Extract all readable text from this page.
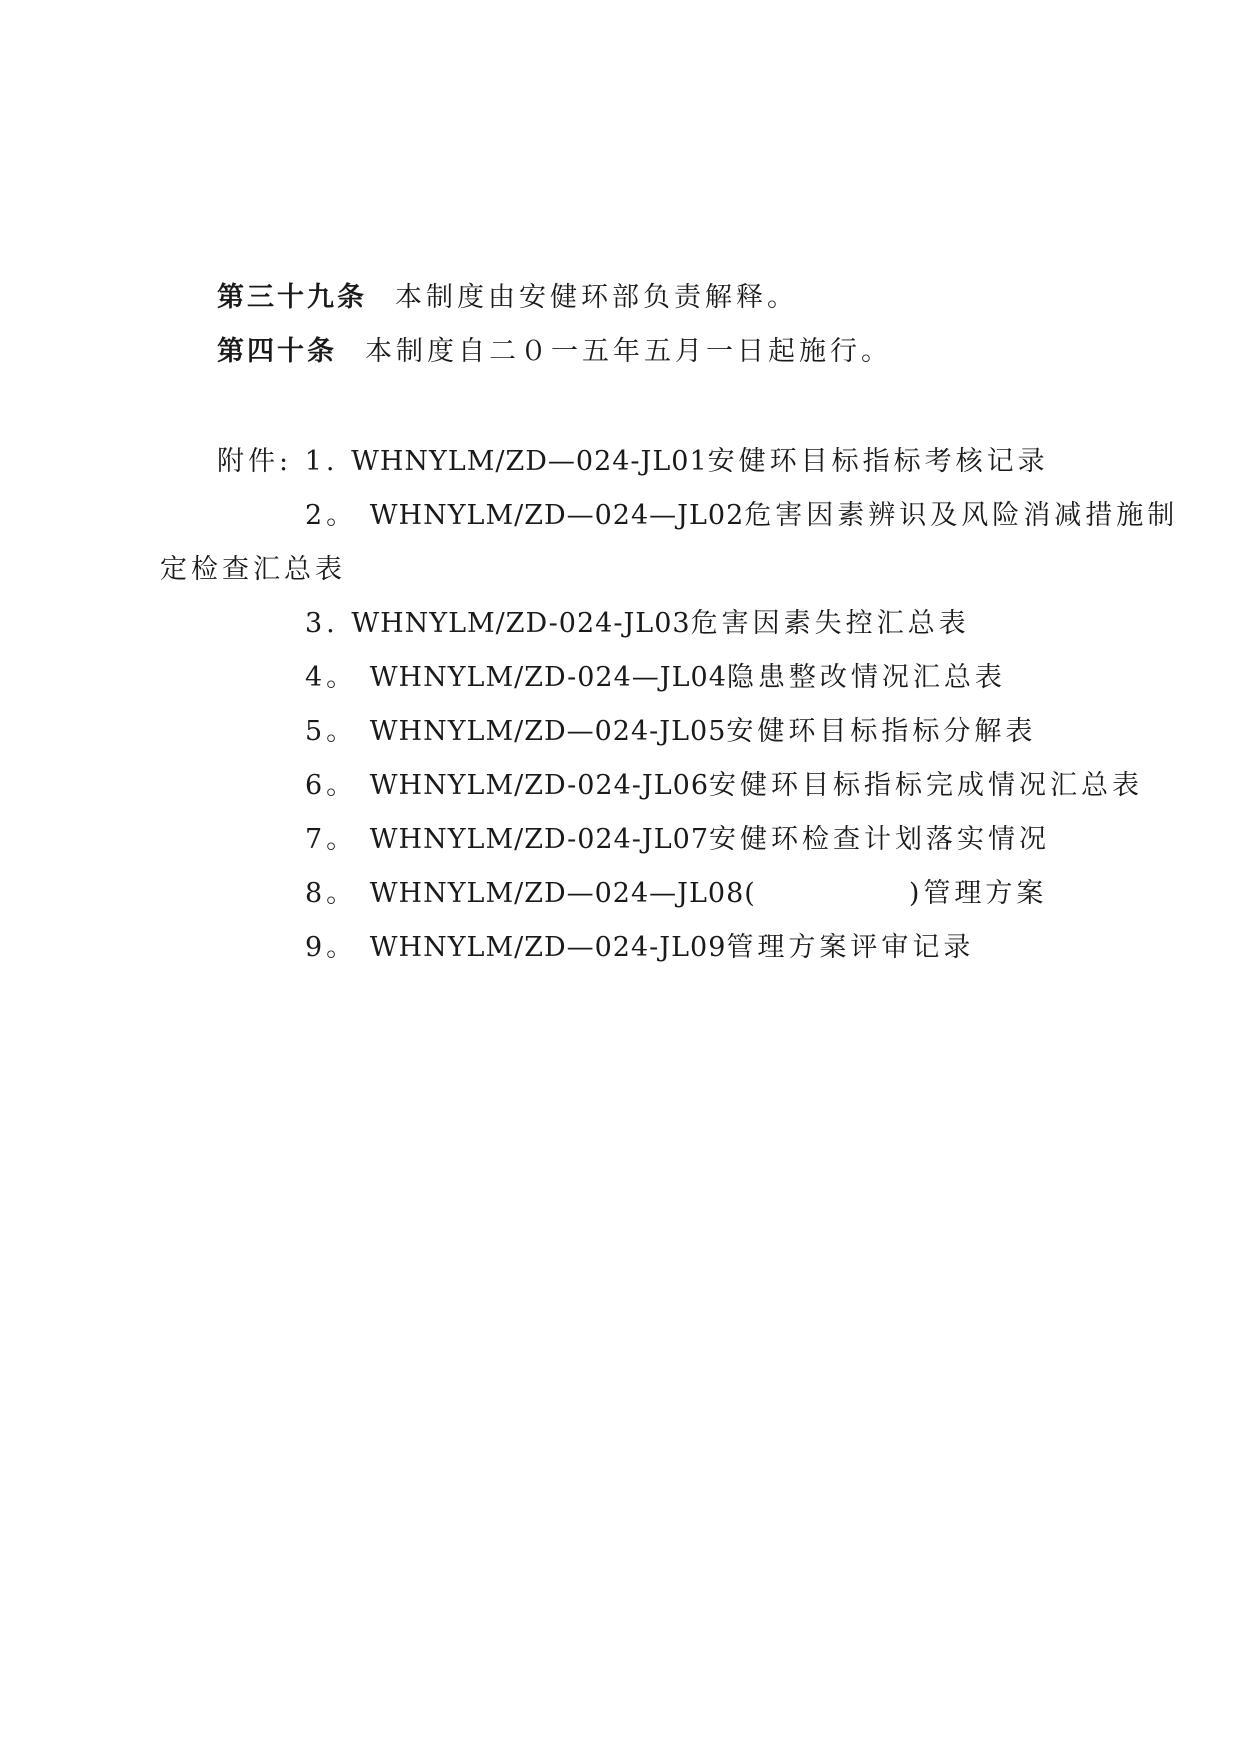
第三十九条 本制度由安健环部负责解释。
第四十条 本制度自二０一五年五月一日起施行。
附件: 1. WHNYLM/ZD—024-JL01安健环目标指标考核记录
2。 WHNYLM/ZD—024—JL02危害因素辨识及风险消减措施制
定检查汇总表
3. WHNYLM/ZD-024-JL03危害因素失控汇总表
4。 WHNYLM/ZD-024—JL04隐患整改情况汇总表
5。 WHNYLM/ZD—024-JL05安健环目标指标分解表
6。 WHNYLM/ZD-024-JL06安健环目标指标完成情况汇总表
7。 WHNYLM/ZD-024-JL07安健环检查计划落实情况
8。 WHNYLM/ZD—024—JL08(	)管理方案
9。 WHNYLM/ZD—024-JL09管理方案评审记录
